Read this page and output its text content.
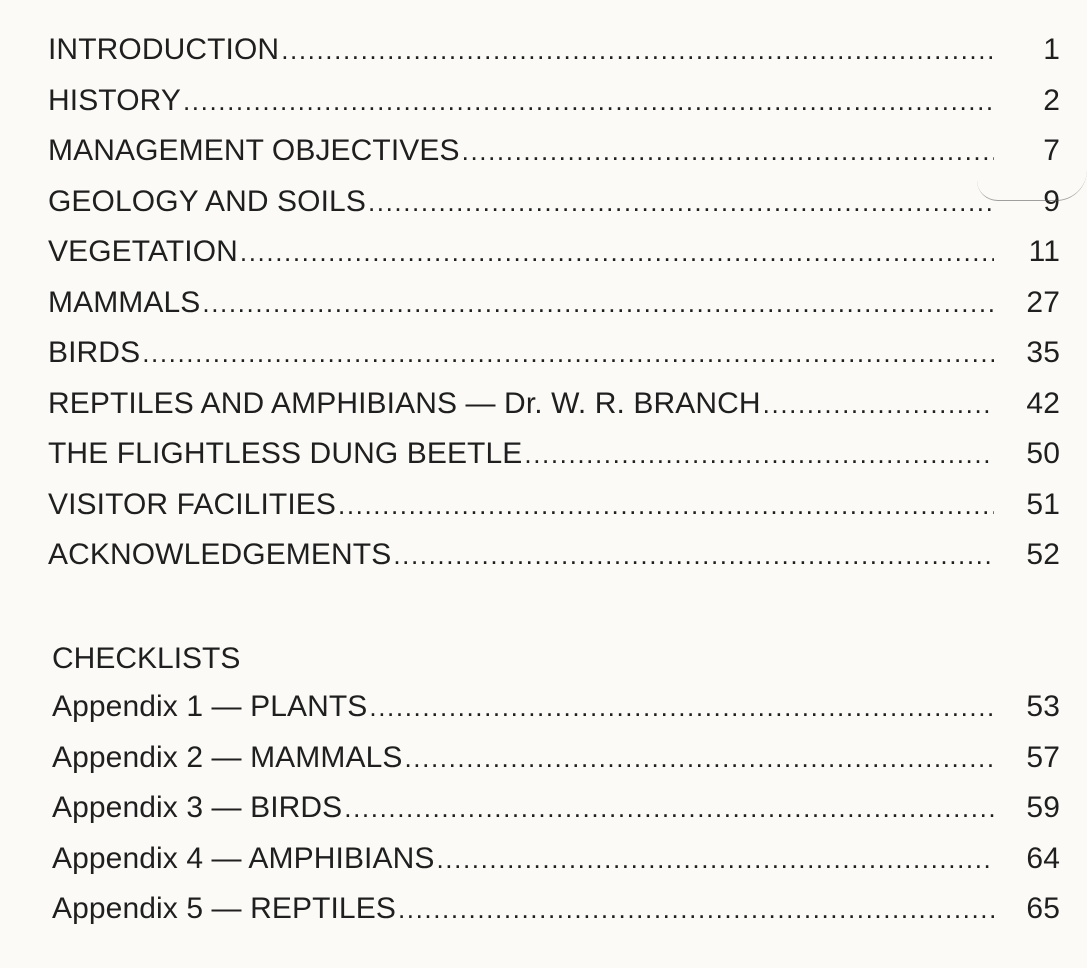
INTRODUCTION .....	1
HISTORY .....	2
MANAGEMENT OBJECTIVES .....	7
GEOLOGY AND SOILS .....	9
VEGETATION .....	11
MAMMALS .....	27
BIRDS .....	35
REPTILES AND AMPHIBIANS — Dr. W. R. BRANCH .....	42
THE FLIGHTLESS DUNG BEETLE .....	50
VISITOR FACILITIES .....	51
ACKNOWLEDGEMENTS .....	52
CHECKLISTS
Appendix 1 — PLANTS .....	53
Appendix 2 — MAMMALS .....	57
Appendix 3 — BIRDS .....	59
Appendix 4 — AMPHIBIANS .....	64
Appendix 5 — REPTILES .....	65
